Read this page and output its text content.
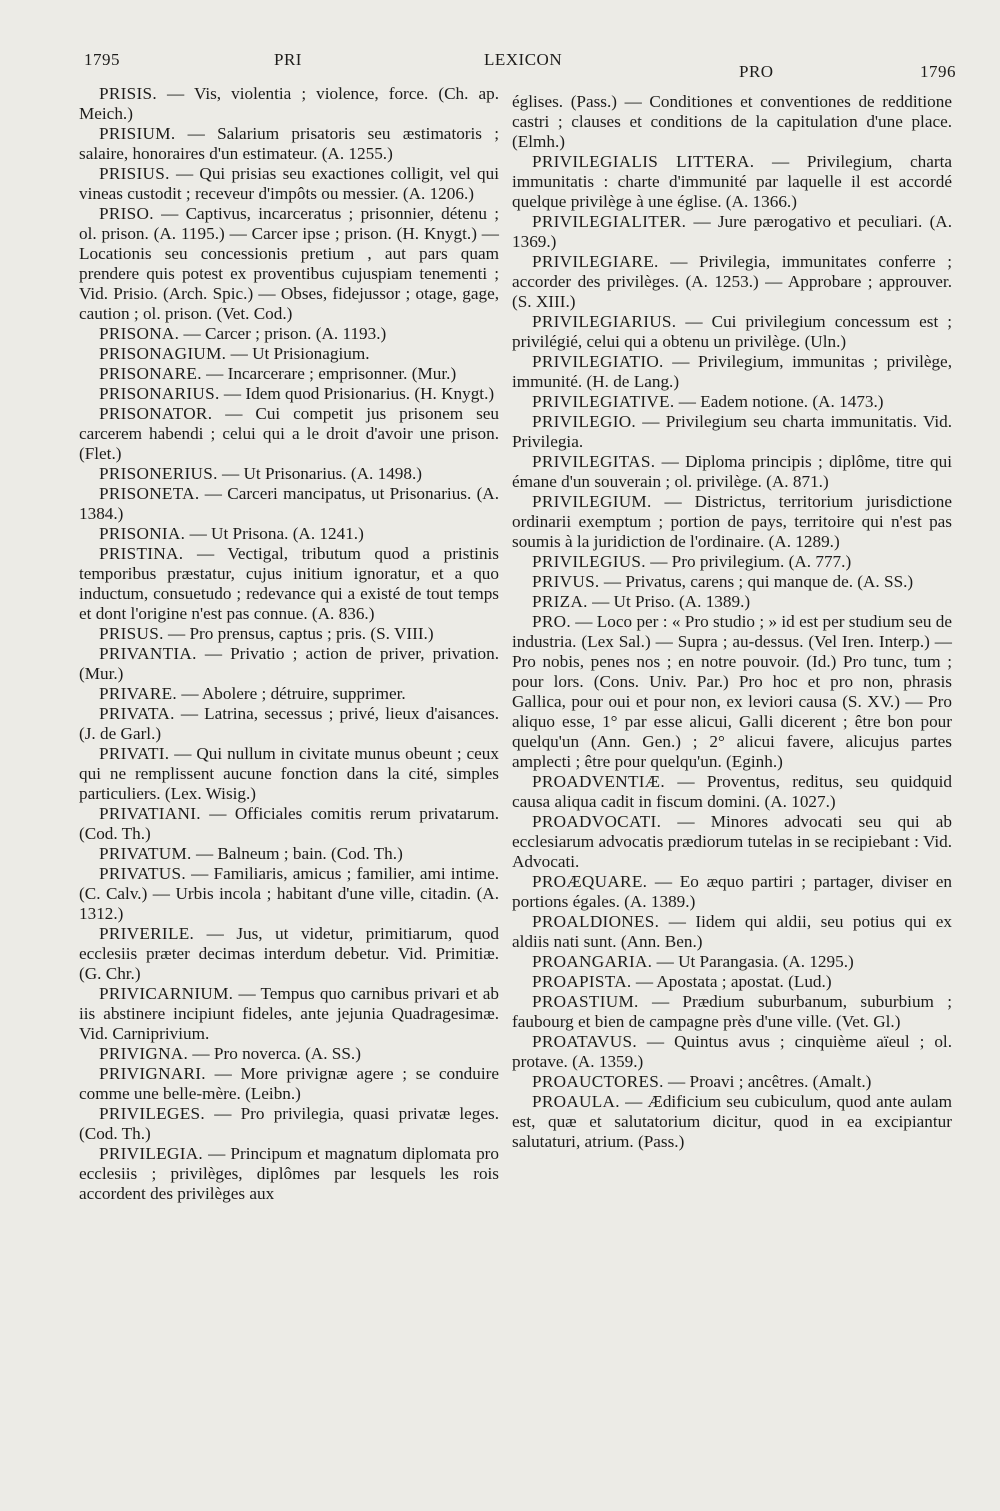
1795	PRI	LEXICON
PRO	1796

PRISIS. — Vis, violentia ; violence, force. (Ch. ap. Meich.)

PRISIUM. — Salarium prisatoris seu æstimatoris ; salaire, honoraires d'un estimateur. (A. 1255.)

PRISIUS. — Qui prisias seu exactiones colligit, vel qui vineas custodit ; receveur d'impôts ou messier. (A. 1206.)

PRISO. — Captivus, incarceratus ; prisonnier, détenu ; ol. prison. (A. 1195.) — Carcer ipse ; prison. (H. Knygt.) — Locationis seu concessionis pretium , aut pars quam prendere quis potest ex proventibus cujuspiam tenementi ; Vid. Prisio. (Arch. Spic.) — Obses, fidejussor ; otage, gage, caution ; ol. prison. (Vet. Cod.)

PRISONA. — Carcer ; prison. (A. 1193.)

PRISONAGIUM. — Ut Prisionagium.

PRISONARE. — Incarcerare ; emprisonner. (Mur.)

PRISONARIUS. — Idem quod Prisionarius. (H. Knygt.)

PRISONATOR. — Cui competit jus prisonem seu carcerem habendi ; celui qui a le droit d'avoir une prison. (Flet.)

PRISONERIUS. — Ut Prisonarius. (A. 1498.)

PRISONETA. — Carceri mancipatus, ut Prisonarius. (A. 1384.)

PRISONIA. — Ut Prisona. (A. 1241.)

PRISTINA. — Vectigal, tributum quod a pristinis temporibus præstatur, cujus initium ignoratur, et a quo inductum, consuetudo ; redevance qui a existé de tout temps et dont l'origine n'est pas connue. (A. 836.)

PRISUS. — Pro prensus, captus ; pris. (S. VIII.)

PRIVANTIA. — Privatio ; action de priver, privation. (Mur.)

PRIVARE. — Abolere ; détruire, supprimer.

PRIVATA. — Latrina, secessus ; privé, lieux d'aisances. (J. de Garl.)

PRIVATI. — Qui nullum in civitate munus obeunt ; ceux qui ne remplissent aucune fonction dans la cité, simples particuliers. (Lex. Wisig.)

PRIVATIANI. — Officiales comitis rerum privatarum. (Cod. Th.)

PRIVATUM. — Balneum ; bain. (Cod. Th.)

PRIVATUS. — Familiaris, amicus ; familier, ami intime. (C. Calv.) — Urbis incola ; habitant d'une ville, citadin. (A. 1312.)

PRIVERILE. — Jus, ut videtur, primitiarum, quod ecclesiis præter decimas interdum debetur. Vid. Primitiæ. (G. Chr.)

PRIVICARNIUM. — Tempus quo carnibus privari et ab iis abstinere incipiunt fideles, ante jejunia Quadragesimæ. Vid. Carniprivium.

PRIVIGNA. — Pro noverca. (A. SS.)

PRIVIGNARI. — More privignæ agere ; se conduire comme une belle-mère. (Leibn.)

PRIVILEGES. — Pro privilegia, quasi privatæ leges. (Cod. Th.)

PRIVILEGIA. — Principum et magnatum diplomata pro ecclesiis ; privilèges, diplômes par lesquels les rois accordent des privilèges aux

églises. (Pass.) — Conditiones et conventiones de redditione castri ; clauses et conditions de la capitulation d'une place. (Elmh.)

PRIVILEGIALIS LITTERA. — Privilegium, charta immunitatis : charte d'immunité par laquelle il est accordé quelque privilège à une église. (A. 1366.)

PRIVILEGIALITER. — Jure pærogativo et peculiari. (A. 1369.)

PRIVILEGIARE. — Privilegia, immunitates conferre ; accorder des privilèges. (A. 1253.) — Approbare ; approuver. (S. XIII.)

PRIVILEGIARIUS. — Cui privilegium concessum est ; privilégié, celui qui a obtenu un privilège. (Uln.)

PRIVILEGIATIO. — Privilegium, immunitas ; privilège, immunité. (H. de Lang.)

PRIVILEGIATIVE. — Eadem notione. (A. 1473.)

PRIVILEGIO. — Privilegium seu charta immunitatis. Vid. Privilegia.

PRIVILEGITAS. — Diploma principis ; diplôme, titre qui émane d'un souverain ; ol. privilège. (A. 871.)

PRIVILEGIUM. — Districtus, territorium jurisdictione ordinarii exemptum ; portion de pays, territoire qui n'est pas soumis à la juridiction de l'ordinaire. (A. 1289.)

PRIVILEGIUS. — Pro privilegium. (A. 777.)

PRIVUS. — Privatus, carens ; qui manque de. (A. SS.)

PRIZA. — Ut Priso. (A. 1389.)

PRO. — Loco per : « Pro studio ; » id est per studium seu de industria. (Lex Sal.) — Supra ; au-dessus. (Vel Iren. Interp.) — Pro nobis, penes nos ; en notre pouvoir. (Id.) Pro tunc, tum ; pour lors. (Cons. Univ. Par.) Pro hoc et pro non, phrasis Gallica, pour oui et pour non, ex leviori causa (S. XV.) — Pro aliquo esse, 1° par esse alicui, Galli dicerent ; être bon pour quelqu'un (Ann. Gen.) ; 2° alicui favere, alicujus partes amplecti ; être pour quelqu'un. (Eginh.)

PROADVENTIÆ. — Proventus, reditus, seu quidquid causa aliqua cadit in fiscum domini. (A. 1027.)

PROADVOCATI. — Minores advocati seu qui ab ecclesiarum advocatis prædiorum tutelas in se recipiebant : Vid. Advocati.

PROÆQUARE. — Eo æquo partiri ; partager, diviser en portions égales. (A. 1389.)

PROALDIONES. — Iidem qui aldii, seu potius qui ex aldiis nati sunt. (Ann. Ben.)

PROANGARIA. — Ut Parangasia. (A. 1295.)

PROAPISTA. — Apostata ; apostat. (Lud.)

PROASTIUM. — Prædium suburbanum, suburbium ; faubourg et bien de campagne près d'une ville. (Vet. Gl.)

PROATAVUS. — Quintus avus ; cinquième aïeul ; ol. protave. (A. 1359.)

PROAUCTORES. — Proavi ; ancêtres. (Amalt.)

PROAULA. — Ædificium seu cubiculum, quod ante aulam est, quæ et salutatorium dicitur, quod in ea excipiantur salutaturi, atrium. (Pass.)
